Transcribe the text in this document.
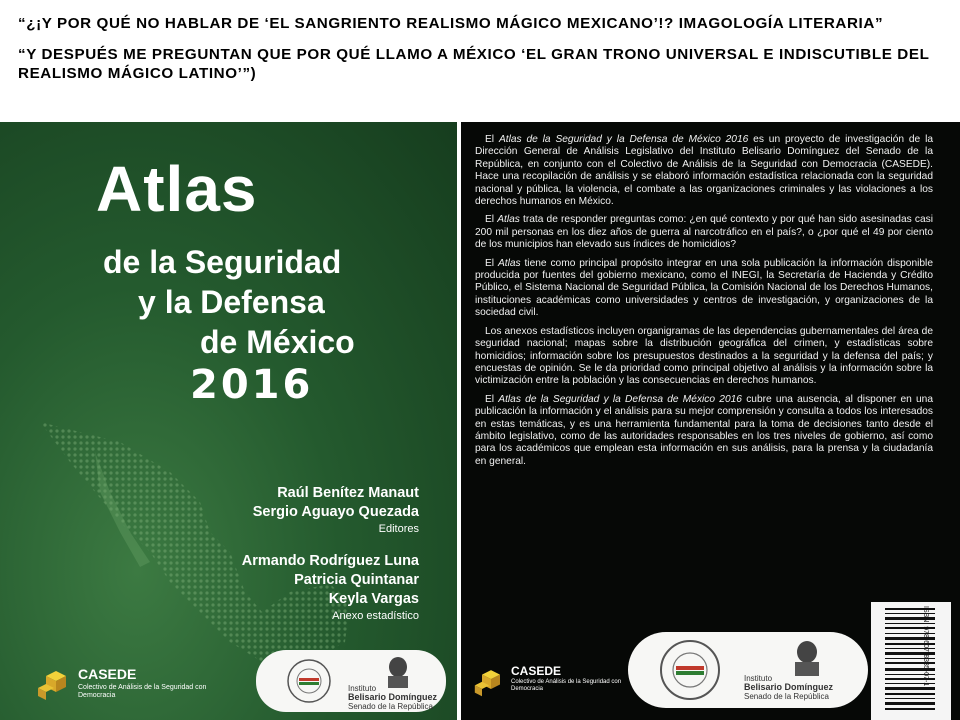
“¿¡Y POR QUÉ NO HABLAR DE ‘EL SANGRIENTO REALISMO MÁGICO MEXICANO’!? IMAGOLOGÍA LITERARIA”

“Y DESPUÉS ME PREGUNTAN QUE POR QUÉ LLAMO A MÉXICO ‘EL GRAN TRONO UNIVERSAL E INDISCUTIBLE DEL REALISMO MÁGICO LATINO’”)

Atlas
de la Seguridad
y la Defensa
de México
2016
Raúl Benítez Manaut
Sergio Aguayo Quezada
Editores
Armando Rodríguez Luna
Patricia Quintanar
Keyla Vargas
Anexo estadístico
CASEDE
Colectivo de Análisis de la Seguridad con Democracia
Instituto
Belisario Domínguez
Senado de la República

El Atlas de la Seguridad y la Defensa de México 2016 es un proyecto de investigación de la Dirección General de Análisis Legislativo del Instituto Belisario Domínguez del Senado de la República, en conjunto con el Colectivo de Análisis de la Seguridad con Democracia (CASEDE). Hace una recopilación de análisis y se elaboró información estadística relacionada con la seguridad nacional y pública, la violencia, el combate a las organizaciones criminales y las violaciones a los derechos humanos en México.

El Atlas trata de responder preguntas como: ¿en qué contexto y por qué han sido asesinadas casi 200 mil personas en los diez años de guerra al narcotráfico en el país?, o ¿por qué el 49 por ciento de los municipios han elevado sus índices de homicidios?

El Atlas tiene como principal propósito integrar en una sola publicación la información disponible producida por fuentes del gobierno mexicano, como el INEGI, la Secretaría de Hacienda y Crédito Público, el Sistema Nacional de Seguridad Pública, la Comisión Nacional de los Derechos Humanos, instituciones académicas como universidades y centros de investigación, y organizaciones de la sociedad civil.

Los anexos estadísticos incluyen organigramas de las dependencias gubernamentales del área de seguridad nacional; mapas sobre la distribución geográfica del crimen, y estadísticas sobre homicidios; información sobre los presupuestos destinados a la seguridad y la defensa del país; y encuestas de opinión. Se le da prioridad como principal objetivo al análisis y la información sobre la victimización entre la población y las consecuencias en derechos humanos.

El Atlas de la Seguridad y la Defensa de México 2016 cubre una ausencia, al disponer en una publicación la información y el análisis para su mejor comprensión y consulta a todos los interesados en estas temáticas, y es una herramienta fundamental para la toma de decisiones tanto desde el ámbito legislativo, como de las autoridades responsables en los tres niveles de gobierno, así como para los académicos que emplean esta información en sus análisis, para la prensa y la ciudadanía en general.

CASEDE
Colectivo de Análisis de la Seguridad con Democracia
Instituto
Belisario Domínguez
Senado de la República
ISBN: 978-607-8335-07-1
